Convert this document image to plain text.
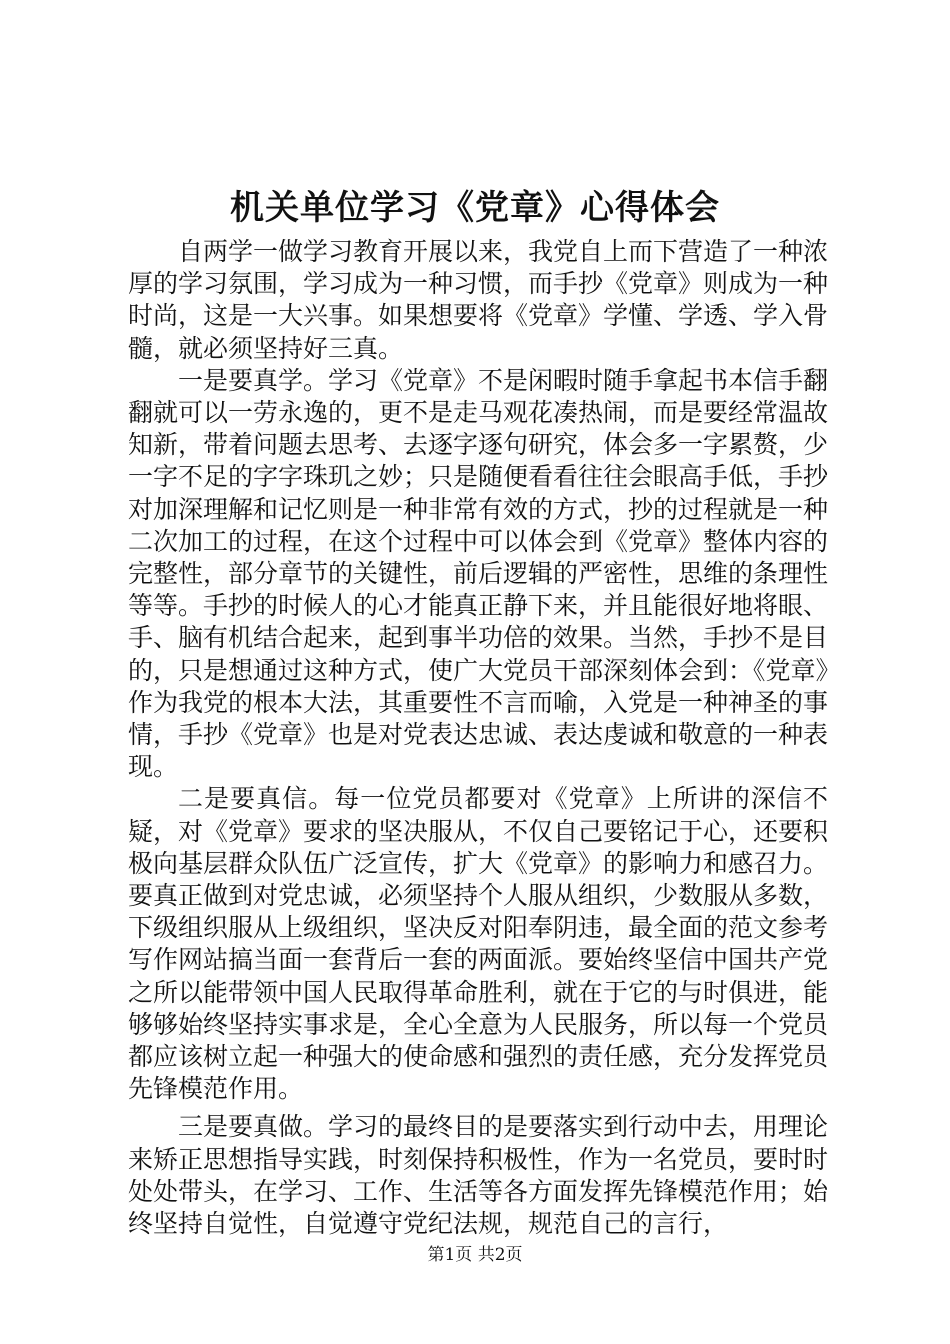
机关单位学习《党章》心得体会

自两学一做学习教育开展以来，我党自上而下营造了一种浓厚的学习氛围，学习成为一种习惯，而手抄《党章》则成为一种时尚，这是一大兴事。如果想要将《党章》学懂、学透、学入骨髓，就必须坚持好三真。

一是要真学。学习《党章》不是闲暇时随手拿起书本信手翻翻就可以一劳永逸的，更不是走马观花凑热闹，而是要经常温故知新，带着问题去思考、去逐字逐句研究，体会多一字累赘，少一字不足的字字珠玑之妙；只是随便看看往往会眼高手低，手抄对加深理解和记忆则是一种非常有效的方式，抄的过程就是一种二次加工的过程，在这个过程中可以体会到《党章》整体内容的完整性，部分章节的关键性，前后逻辑的严密性，思维的条理性等等。手抄的时候人的心才能真正静下来，并且能很好地将眼、手、脑有机结合起来，起到事半功倍的效果。当然，手抄不是目的，只是想通过这种方式，使广大党员干部深刻体会到：《党章》作为我党的根本大法，其重要性不言而喻，入党是一种神圣的事情，手抄《党章》也是对党表达忠诚、表达虔诚和敬意的一种表现。

二是要真信。每一位党员都要对《党章》上所讲的深信不疑，对《党章》要求的坚决服从，不仅自己要铭记于心，还要积极向基层群众队伍广泛宣传，扩大《党章》的影响力和感召力。要真正做到对党忠诚，必须坚持个人服从组织，少数服从多数，下级组织服从上级组织，坚决反对阳奉阴违，最全面的范文参考写作网站搞当面一套背后一套的两面派。要始终坚信中国共产党之所以能带领中国人民取得革命胜利，就在于它的与时俱进，能够够始终坚持实事求是，全心全意为人民服务，所以每一个党员都应该树立起一种强大的使命感和强烈的责任感，充分发挥党员先锋模范作用。

三是要真做。学习的最终目的是要落实到行动中去，用理论来矫正思想指导实践，时刻保持积极性，作为一名党员，要时时处处带头，在学习、工作、生活等各方面发挥先锋模范作用；始终坚持自觉性，自觉遵守党纪法规，规范自己的言行，

第1页 共2页
